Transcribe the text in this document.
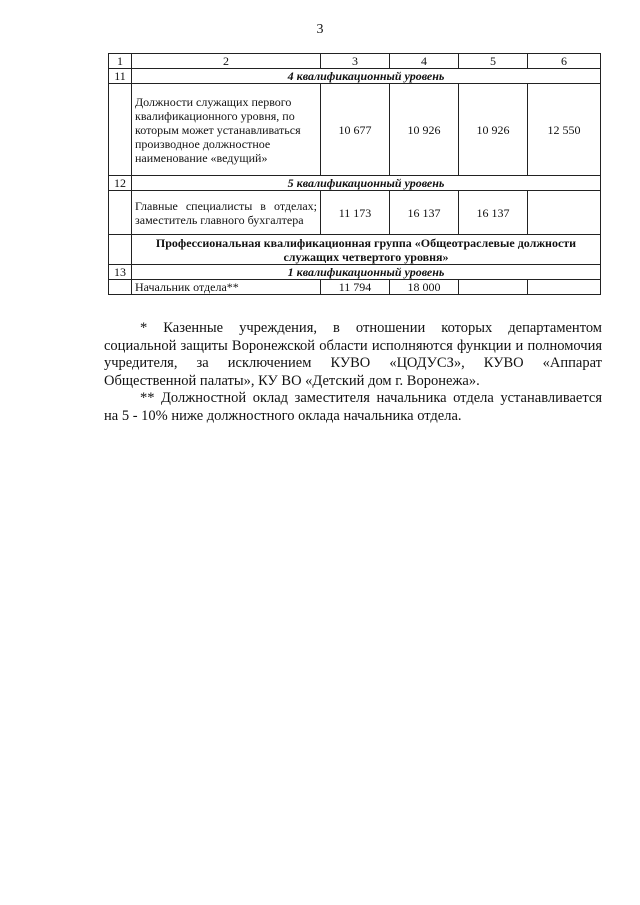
3
1	2	3	4	5	6
11	4 квалификационный уровень				
	Должности служащих первого квалификационного уровня, по которым может устанавливаться производное должностное наименование «ведущий»	10 677	10 926	10 926	12 550
12	5 квалификационный уровень				
	Главные специалисты в отделах; заместитель главного бухгалтера	11 173	16 137	16 137	
	Профессиональная квалификационная группа «Общеотраслевые должности служащих четвертого уровня»				
13	1 квалификационный уровень				
	Начальник отдела**	11 794	18 000		

* Казенные учреждения, в отношении которых департаментом социальной защиты Воронежской области исполняются функции и полномочия учредителя, за исключением КУВО «ЦОДУСЗ», КУВО «Аппарат Общественной палаты», КУ ВО «Детский дом г. Воронежа».

** Должностной оклад заместителя начальника отдела устанавливается на 5 - 10% ниже должностного оклада начальника отдела.
